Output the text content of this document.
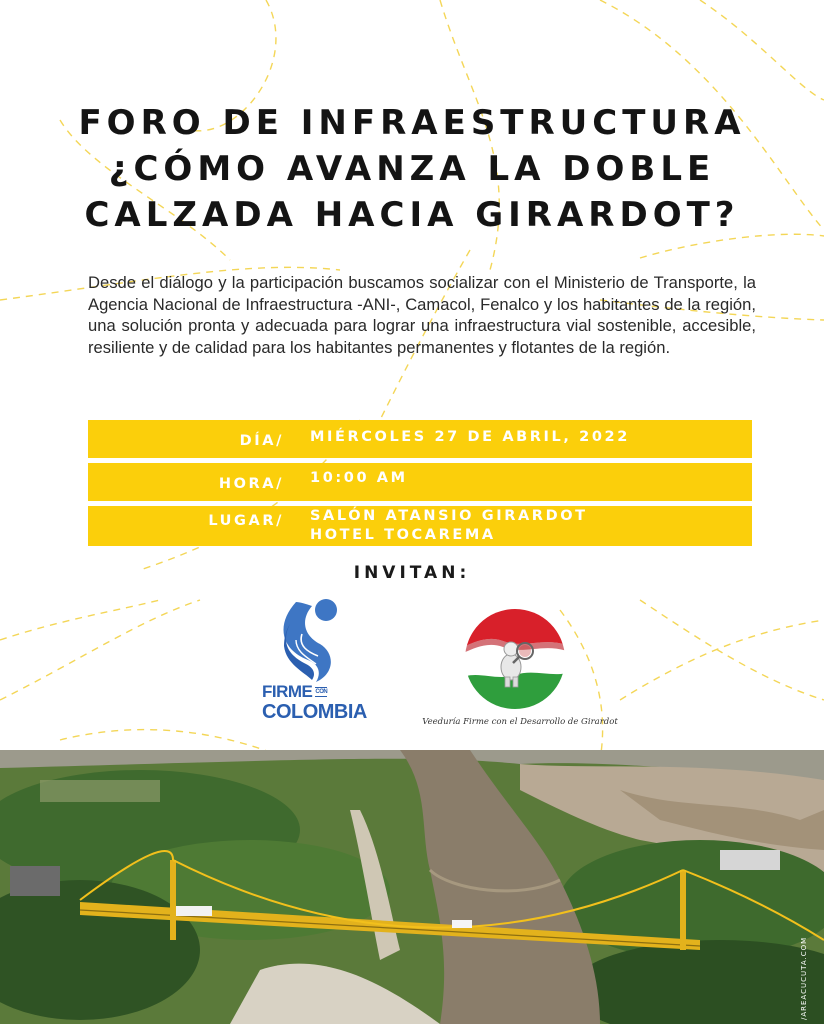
FORO DE INFRAESTRUCTURA
¿CÓMO AVANZA LA DOBLE
CALZADA HACIA GIRARDOT?

Desde el diálogo y la participación buscamos socializar con el Ministerio de Transporte, la Agencia Nacional de Infraestructura -ANI-, Camacol, Fenalco y los habitantes de la región, una solución pronta y adecuada para lograr una infraestructura vial sostenible, accesible, resiliente y de calidad para los habitantes permanentes y flotantes de la región.

DÍA/ MIÉRCOLES 27 DE ABRIL, 2022
HORA/ 10:00 AM
LUGAR/ SALÓN ATANSIO GIRARDOT
HOTEL TOCAREMA
INVITAN:
FIRME CON
COLOMBIA	Veeduría Firme con el Desarrollo de Girardot
/AREACUCUTA.COM
